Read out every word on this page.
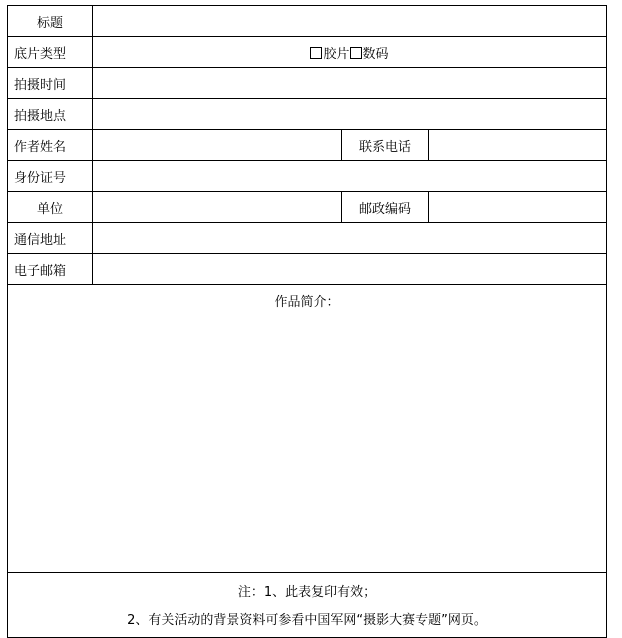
标题			
底片类型	胶片 数码		
拍摄时间			
拍摄地点			
作者姓名		联系电话	
身份证号			
单位		邮政编码	
通信地址			
电子邮箱			
作品简介：			

注：1、此表复印有效；
2、有关活动的背景资料可参看中国军网“摄影大赛专题”网页。			
